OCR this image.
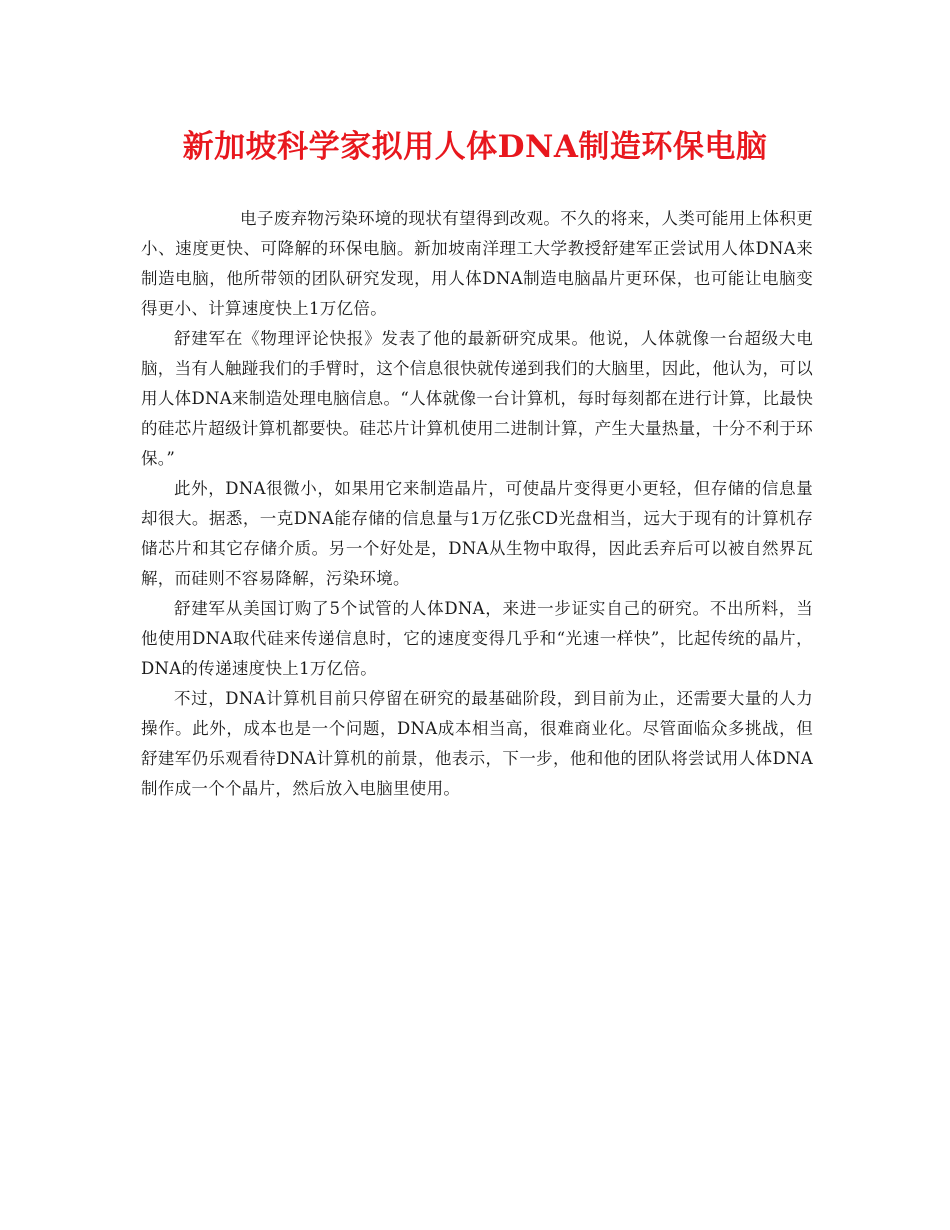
新加坡科学家拟用人体DNA制造环保电脑

电子废弃物污染环境的现状有望得到改观。不久的将来，人类可能用上体积更小、速度更快、可降解的环保电脑。新加坡南洋理工大学教授舒建军正尝试用人体DNA来制造电脑，他所带领的团队研究发现，用人体DNA制造电脑晶片更环保，也可能让电脑变得更小、计算速度快上1万亿倍。

舒建军在《物理评论快报》发表了他的最新研究成果。他说，人体就像一台超级大电脑，当有人触踫我们的手臂时，这个信息很快就传递到我们的大脑里，因此，他认为，可以用人体DNA来制造处理电脑信息。“人体就像一台计算机，每时每刻都在进行计算，比最快的硅芯片超级计算机都要快。硅芯片计算机使用二进制计算，产生大量热量，十分不利于环保。”

此外，DNA很微小，如果用它来制造晶片，可使晶片变得更小更轻，但存储的信息量却很大。据悉，一克DNA能存储的信息量与1万亿张CD光盘相当，远大于现有的计算机存储芯片和其它存储介质。另一个好处是，DNA从生物中取得，因此丢弃后可以被自然界瓦解，而硅则不容易降解，污染环境。

舒建军从美国订购了5个试管的人体DNA，来进一步证实自己的研究。不出所料，当他使用DNA取代硅来传递信息时，它的速度变得几乎和“光速一样快”，比起传统的晶片，DNA的传递速度快上1万亿倍。

不过，DNA计算机目前只停留在研究的最基础阶段，到目前为止，还需要大量的人力操作。此外，成本也是一个问题，DNA成本相当高，很难商业化。尽管面临众多挑战，但舒建军仍乐观看待DNA计算机的前景，他表示，下一步，他和他的团队将尝试用人体DNA制作成一个个晶片，然后放入电脑里使用。
